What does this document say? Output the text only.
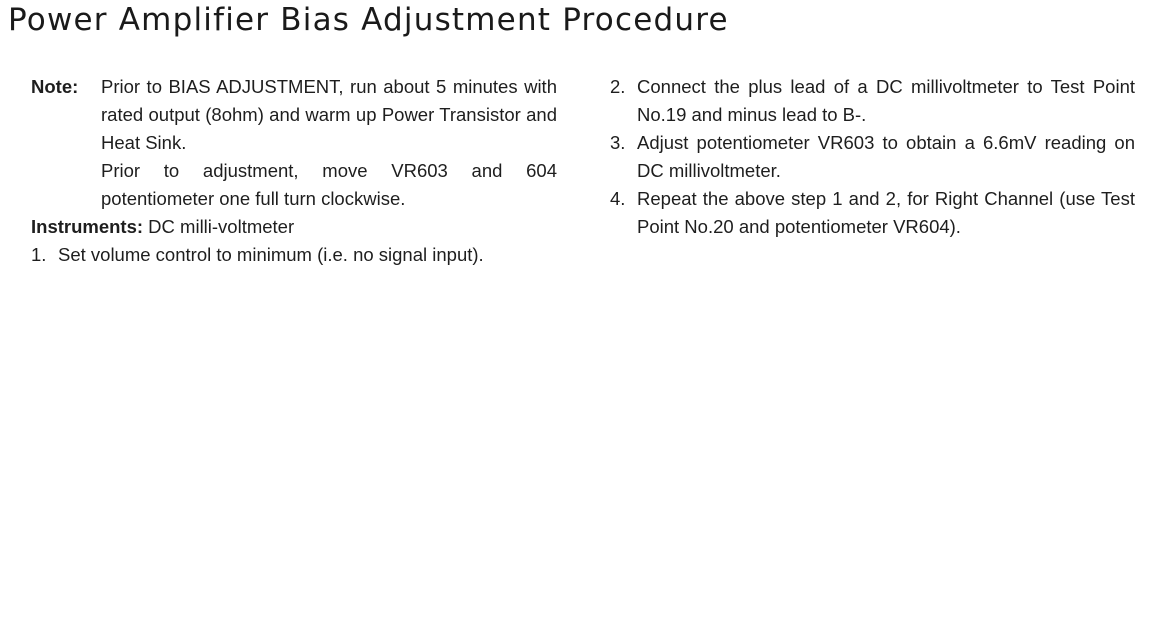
Power Amplifier Bias Adjustment Procedure
Note:	Prior to BIAS ADJUSTMENT, run about 5 minutes with rated output (8ohm) and warm up Power Transistor and Heat Sink.

Prior to adjustment, move VR603 and 604 potentiometer one full turn clockwise.

Instruments: DC milli-voltmeter

1. Set volume control to minimum (i.e. no signal input).
2. Connect the plus lead of a DC millivoltmeter to Test Point No.19 and minus lead to B-.
3. Adjust potentiometer VR603 to obtain a 6.6mV reading on DC millivoltmeter.
4. Repeat the above step 1 and 2, for Right Channel (use Test Point No.20 and potentiometer VR604).
